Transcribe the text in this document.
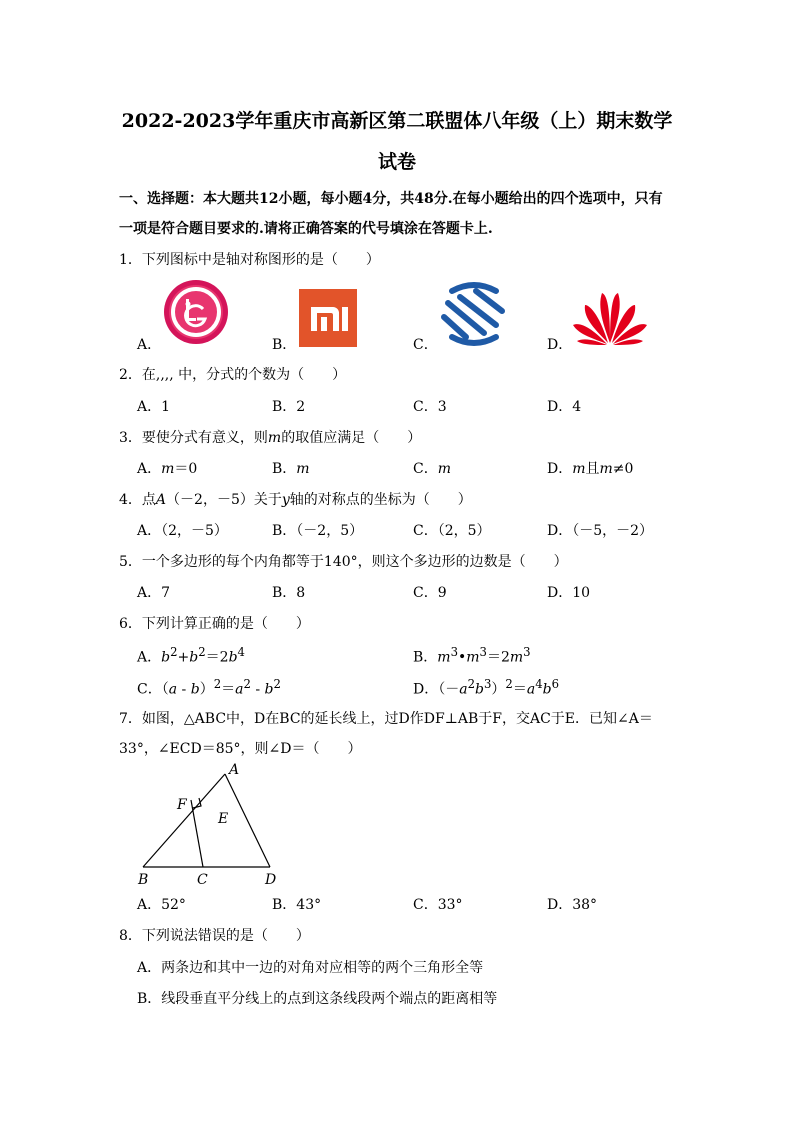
2022-2023学年重庆市高新区第二联盟体八年级（上）期末数学
试卷
一、选择题：本大题共12小题，每小题4分，共48分.在每小题给出的四个选项中，只有
一项是符合题目要求的.请将正确答案的代号填涂在答题卡上.
1．下列图标中是轴对称图形的是（　　）
A．	B．	C．	D．
2．在,,,, 中，分式的个数为（　　）
A．1	B．2	C．3	D．4
3．要使分式有意义，则m的取值应满足（　　）
A．m＝0	B．m	C．m	D．m且m≠0
4．点A（－2，－5）关于y轴的对称点的坐标为（　　）
A．（2，－5）	B．（－2，5）	C．（2，5）	D．（－5，－2）
5．一个多边形的每个内角都等于140°，则这个多边形的边数是（　　）
A．7	B．8	C．9	D．10
6．下列计算正确的是（　　）
A．$b^2+b^2=2b^4$	B．$m^3•m^3=2m^3$
C．$(a - b)^2=a^2 - b^2$	D．$(-a^2b^3)^2=a^4b^6$
7．如图，△ABC中，D在BC的延长线上，过D作DF⊥AB于F，交AC于E．已知∠A＝
33°，∠ECD＝85°，则∠D＝（　　）
A
F
E
B	C	D
A．52°	B．43°	C．33°	D．38°
8．下列说法错误的是（　　）
A．两条边和其中一边的对角对应相等的两个三角形全等
B．线段垂直平分线上的点到这条线段两个端点的距离相等
